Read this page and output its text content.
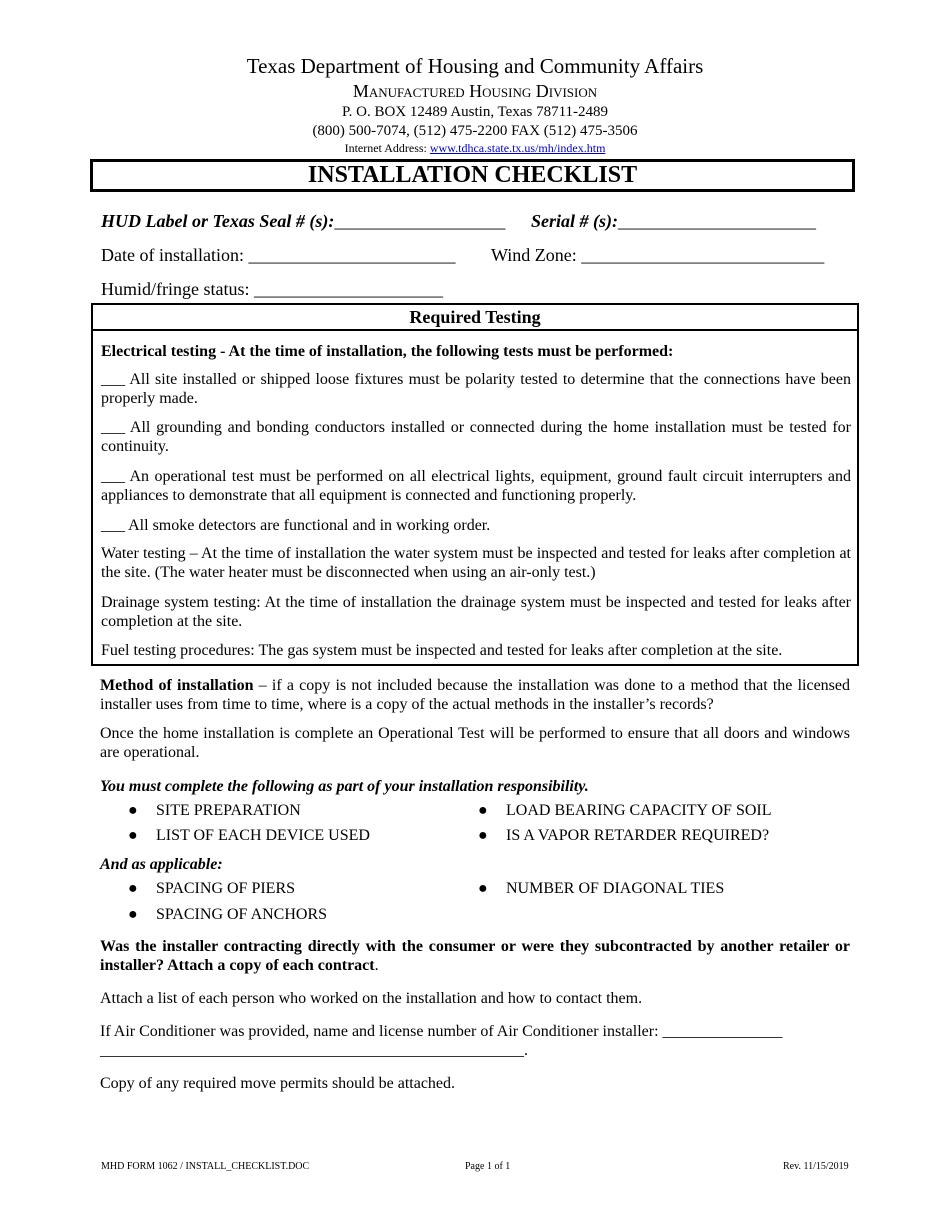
Texas Department of Housing and Community Affairs
Manufactured Housing Division
P. O. BOX 12489 Austin, Texas 78711-2489
(800) 500-7074, (512) 475-2200 FAX (512) 475-3506
Internet Address: www.tdhca.state.tx.us/mh/index.htm
INSTALLATION CHECKLIST
HUD Label or Texas Seal # (s):___________________ Serial # (s):______________________
Date of installation: _______________________ Wind Zone: ___________________________
Humid/fringe status: _____________________
Required Testing
Electrical testing - At the time of installation, the following tests must be performed:
___ All site installed or shipped loose fixtures must be polarity tested to determine that the connections have been properly made.
___ All grounding and bonding conductors installed or connected during the home installation must be tested for continuity.
___ An operational test must be performed on all electrical lights, equipment, ground fault circuit interrupters and appliances to demonstrate that all equipment is connected and functioning properly.
___ All smoke detectors are functional and in working order.
Water testing – At the time of installation the water system must be inspected and tested for leaks after completion at the site. (The water heater must be disconnected when using an air-only test.)
Drainage system testing: At the time of installation the drainage system must be inspected and tested for leaks after completion at the site.
Fuel testing procedures: The gas system must be inspected and tested for leaks after completion at the site.
Method of installation – if a copy is not included because the installation was done to a method that the licensed installer uses from time to time, where is a copy of the actual methods in the installer’s records?
Once the home installation is complete an Operational Test will be performed to ensure that all doors and windows are operational.
You must complete the following as part of your installation responsibility.
● SITE PREPARATION	● LOAD BEARING CAPACITY OF SOIL
● LIST OF EACH DEVICE USED	● IS A VAPOR RETARDER REQUIRED?
And as applicable:
● SPACING OF PIERS	● NUMBER OF DIAGONAL TIES
● SPACING OF ANCHORS
Was the installer contracting directly with the consumer or were they subcontracted by another retailer or installer? Attach a copy of each contract.
Attach a list of each person who worked on the installation and how to contact them.
If Air Conditioner was provided, name and license number of Air Conditioner installer: _______________
_____________________________________________________.
Copy of any required move permits should be attached.
MHD FORM 1062 / INSTALL_CHECKLIST.DOC	Page 1 of 1	Rev. 11/15/2019
